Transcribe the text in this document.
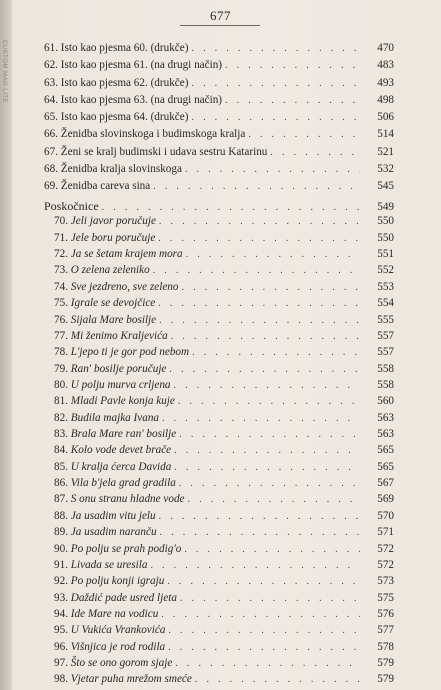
CUSTOM MAG LITE
677
61. Isto kao pjesma 60. (drukče) . . .	470
62. Isto kao pjesma 61. (na drugi način) . . .	483
63. Isto kao pjesma 62. (drukče) . . .	493
64. Isto kao pjesma 63. (na drugi način) . . .	498
65. Isto kao pjesma 64. (drukče) . . .	506
66. Ženidba slovinskoga i budimskoga kralja . . .	514
67. Ženi se kralj budimski i udava sestru Katarinu . . .	521
68. Ženidba kralja slovinskoga . . .	532
69. Ženidba careva sina . . .	545
Poskočnice . . .	549
70. Jeli javor poručuje . . .	550
71. Jele boru poručuje . . .	550
72. Ja se šetam krajem mora . . .	551
73. O zelena zeleniko . . .	552
74. Sve jezdreno, sve zeleno . . .	553
75. Igrale se devojčice . . .	554
76. Sijala Mare bosilje . . .	555
77. Mi ženimo Kraljevića . . .	557
78. L'jepo ti je gor pod nebom . . .	557
79. Ran' bosilje poručuje . . .	558
80. U polju murva crljena . . .	558
81. Mladi Pavle konja kuje . . .	560
82. Budila majka Ivana . . .	563
83. Brala Mare ran' bosilje . . .	563
84. Kolo vode devet brače . . .	565
85. U kralja ćerca Davida . . .	565
86. Vila b'jela grad gradila . . .	567
87. S onu stranu hladne vode . . .	569
88. Ja usadim vitu jelu . . .	570
89. Ja usadim naranču . . .	571
90. Po polju se prah podig'o . . .	572
91. Livada se uresila . . .	572
92. Po polju konji igraju . . .	573
93. Daždić pade usred ljeta . . .	575
94. Ide Mare na vodicu . . .	576
95. U Vukića Vrankovića . . .	577
96. Višnjica je rod rodila . . .	578
97. Što se ono gorom sjaje . . .	579
98. Vjetar puha mrežom smeće . . .	579
